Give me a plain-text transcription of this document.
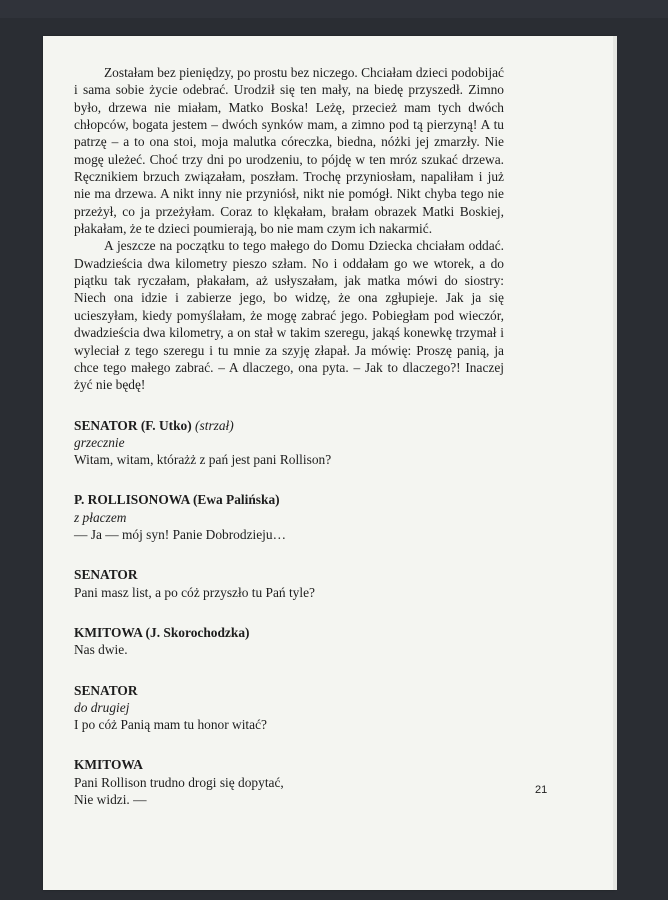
Zostałam bez pieniędzy, po prostu bez niczego. Chciałam dzieci podobijać i sama sobie życie odebrać. Urodził się ten mały, na biedę przyszedł. Zimno było, drzewa nie miałam, Matko Boska! Leżę, przecież mam tych dwóch chłopców, bogata jestem – dwóch synków mam, a zimno pod tą pierzyną! A tu patrzę – a to ona stoi, moja malutka córeczka, biedna, nóżki jej zmarzły. Nie mogę uleżeć. Choć trzy dni po urodzeniu, to pójdę w ten mróz szukać drzewa. Ręcznikiem brzuch związałam, poszłam. Trochę przyniosłam, napaliłam i już nie ma drzewa. A nikt inny nie przyniósł, nikt nie pomógł. Nikt chyba tego nie przeżył, co ja przeżyłam. Coraz to klękałam, brałam obrazek Matki Boskiej, płakałam, że te dzieci poumierają, bo nie mam czym ich nakarmić.

A jeszcze na początku to tego małego do Domu Dziecka chciałam oddać. Dwadzieścia dwa kilometry pieszo szłam. No i oddałam go we wtorek, a do piątku tak ryczałam, płakałam, aż usłyszałam, jak matka mówi do siostry: Niech ona idzie i zabierze jego, bo widzę, że ona zgłupieje. Jak ja się ucieszyłam, kiedy pomyślałam, że mogę zabrać jego. Pobiegłam pod wieczór, dwadzieścia dwa kilometry, a on stał w takim szeregu, jakąś konewkę trzymał i wyleciał z tego szeregu i tu mnie za szyję złapał. Ja mówię: Proszę panią, ja chce tego małego zabrać. – A dlaczego, ona pyta. – Jak to dlaczego?! Inaczej żyć nie będę!

SENATOR (F. Utko) (strzał)

grzecznie

Witam, witam, którażż z pań jest pani Rollison?

P. ROLLISONOWA (Ewa Palińska)

z płaczem

— Ja — mój syn! Panie Dobrodzieju…

SENATOR

Pani masz list, a po cóż przyszło tu Pań tyle?

KMITOWA (J. Skorochodzka)

Nas dwie.

SENATOR

do drugiej

I po cóż Panią mam tu honor witać?

KMITOWA

Pani Rollison trudno drogi się dopytać,

Nie widzi. —

21
